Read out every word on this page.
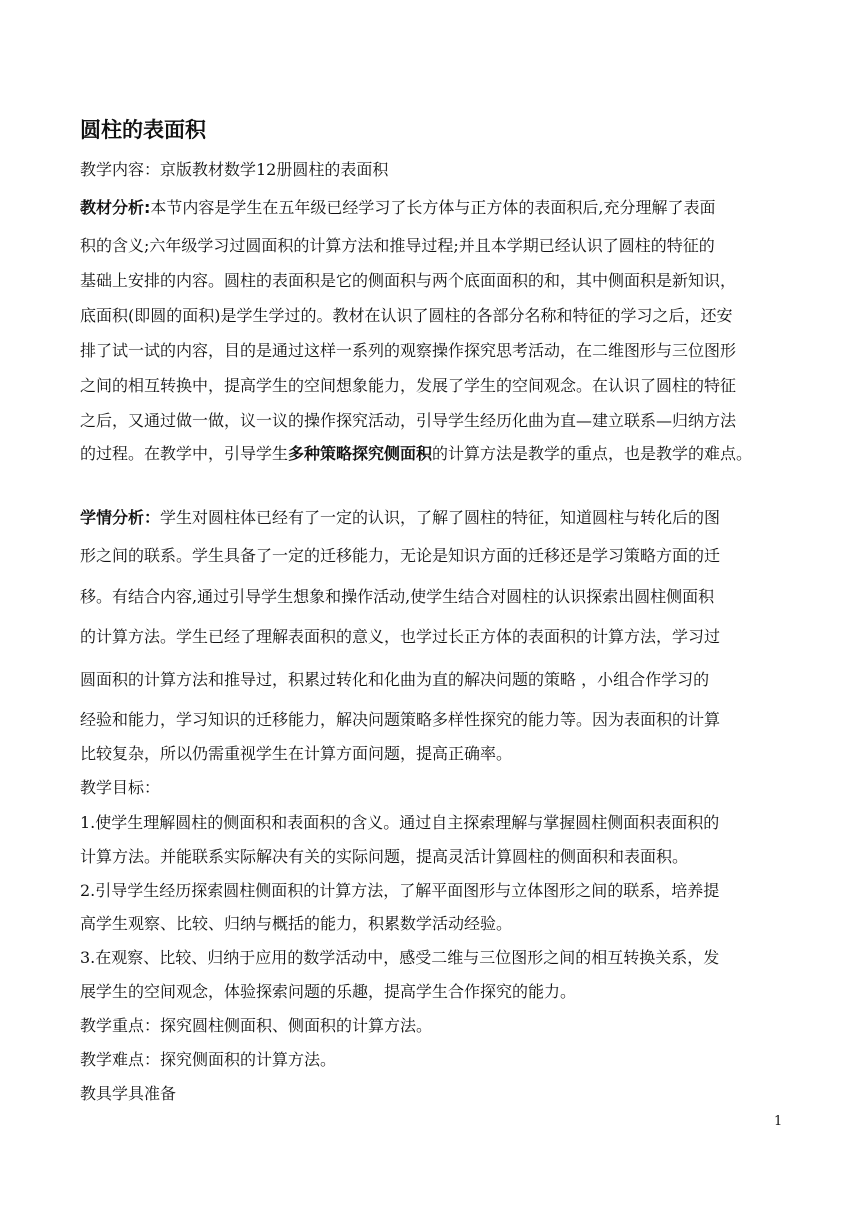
圆柱的表面积
教学内容：京版教材数学12册圆柱的表面积
教材分析:本节内容是学生在五年级已经学习了长方体与正方体的表面积后,充分理解了表面
积的含义;六年级学习过圆面积的计算方法和推导过程;并且本学期已经认识了圆柱的特征的
基础上安排的内容。圆柱的表面积是它的侧面积与两个底面面积的和，其中侧面积是新知识，
底面积(即圆的面积)是学生学过的。教材在认识了圆柱的各部分名称和特征的学习之后，还安
排了试一试的内容，目的是通过这样一系列的观察操作探究思考活动，在二维图形与三位图形
之间的相互转换中，提高学生的空间想象能力，发展了学生的空间观念。在认识了圆柱的特征
之后，又通过做一做，议一议的操作探究活动，引导学生经历化曲为直—建立联系—归纳方法
的过程。在教学中，引导学生多种策略探究侧面积的计算方法是教学的重点，也是教学的难点。
学情分析：学生对圆柱体已经有了一定的认识，了解了圆柱的特征，知道圆柱与转化后的图
形之间的联系。学生具备了一定的迁移能力，无论是知识方面的迁移还是学习策略方面的迁
移。有结合内容,通过引导学生想象和操作活动,使学生结合对圆柱的认识探索出圆柱侧面积
的计算方法。学生已经了理解表面积的意义，也学过长正方体的表面积的计算方法，学习过
圆面积的计算方法和推导过，积累过转化和化曲为直的解决问题的策略 ，小组合作学习的
经验和能力，学习知识的迁移能力，解决问题策略多样性探究的能力等。因为表面积的计算
比较复杂，所以仍需重视学生在计算方面问题，提高正确率。
教学目标：
1.使学生理解圆柱的侧面积和表面积的含义。通过自主探索理解与掌握圆柱侧面积表面积的
计算方法。并能联系实际解决有关的实际问题，提高灵活计算圆柱的侧面积和表面积。
2.引导学生经历探索圆柱侧面积的计算方法，了解平面图形与立体图形之间的联系，培养提
高学生观察、比较、归纳与概括的能力，积累数学活动经验。
3.在观察、比较、归纳于应用的数学活动中，感受二维与三位图形之间的相互转换关系，发
展学生的空间观念，体验探索问题的乐趣，提高学生合作探究的能力。
教学重点：探究圆柱侧面积、侧面积的计算方法。
教学难点：探究侧面积的计算方法。
教具学具准备
1
